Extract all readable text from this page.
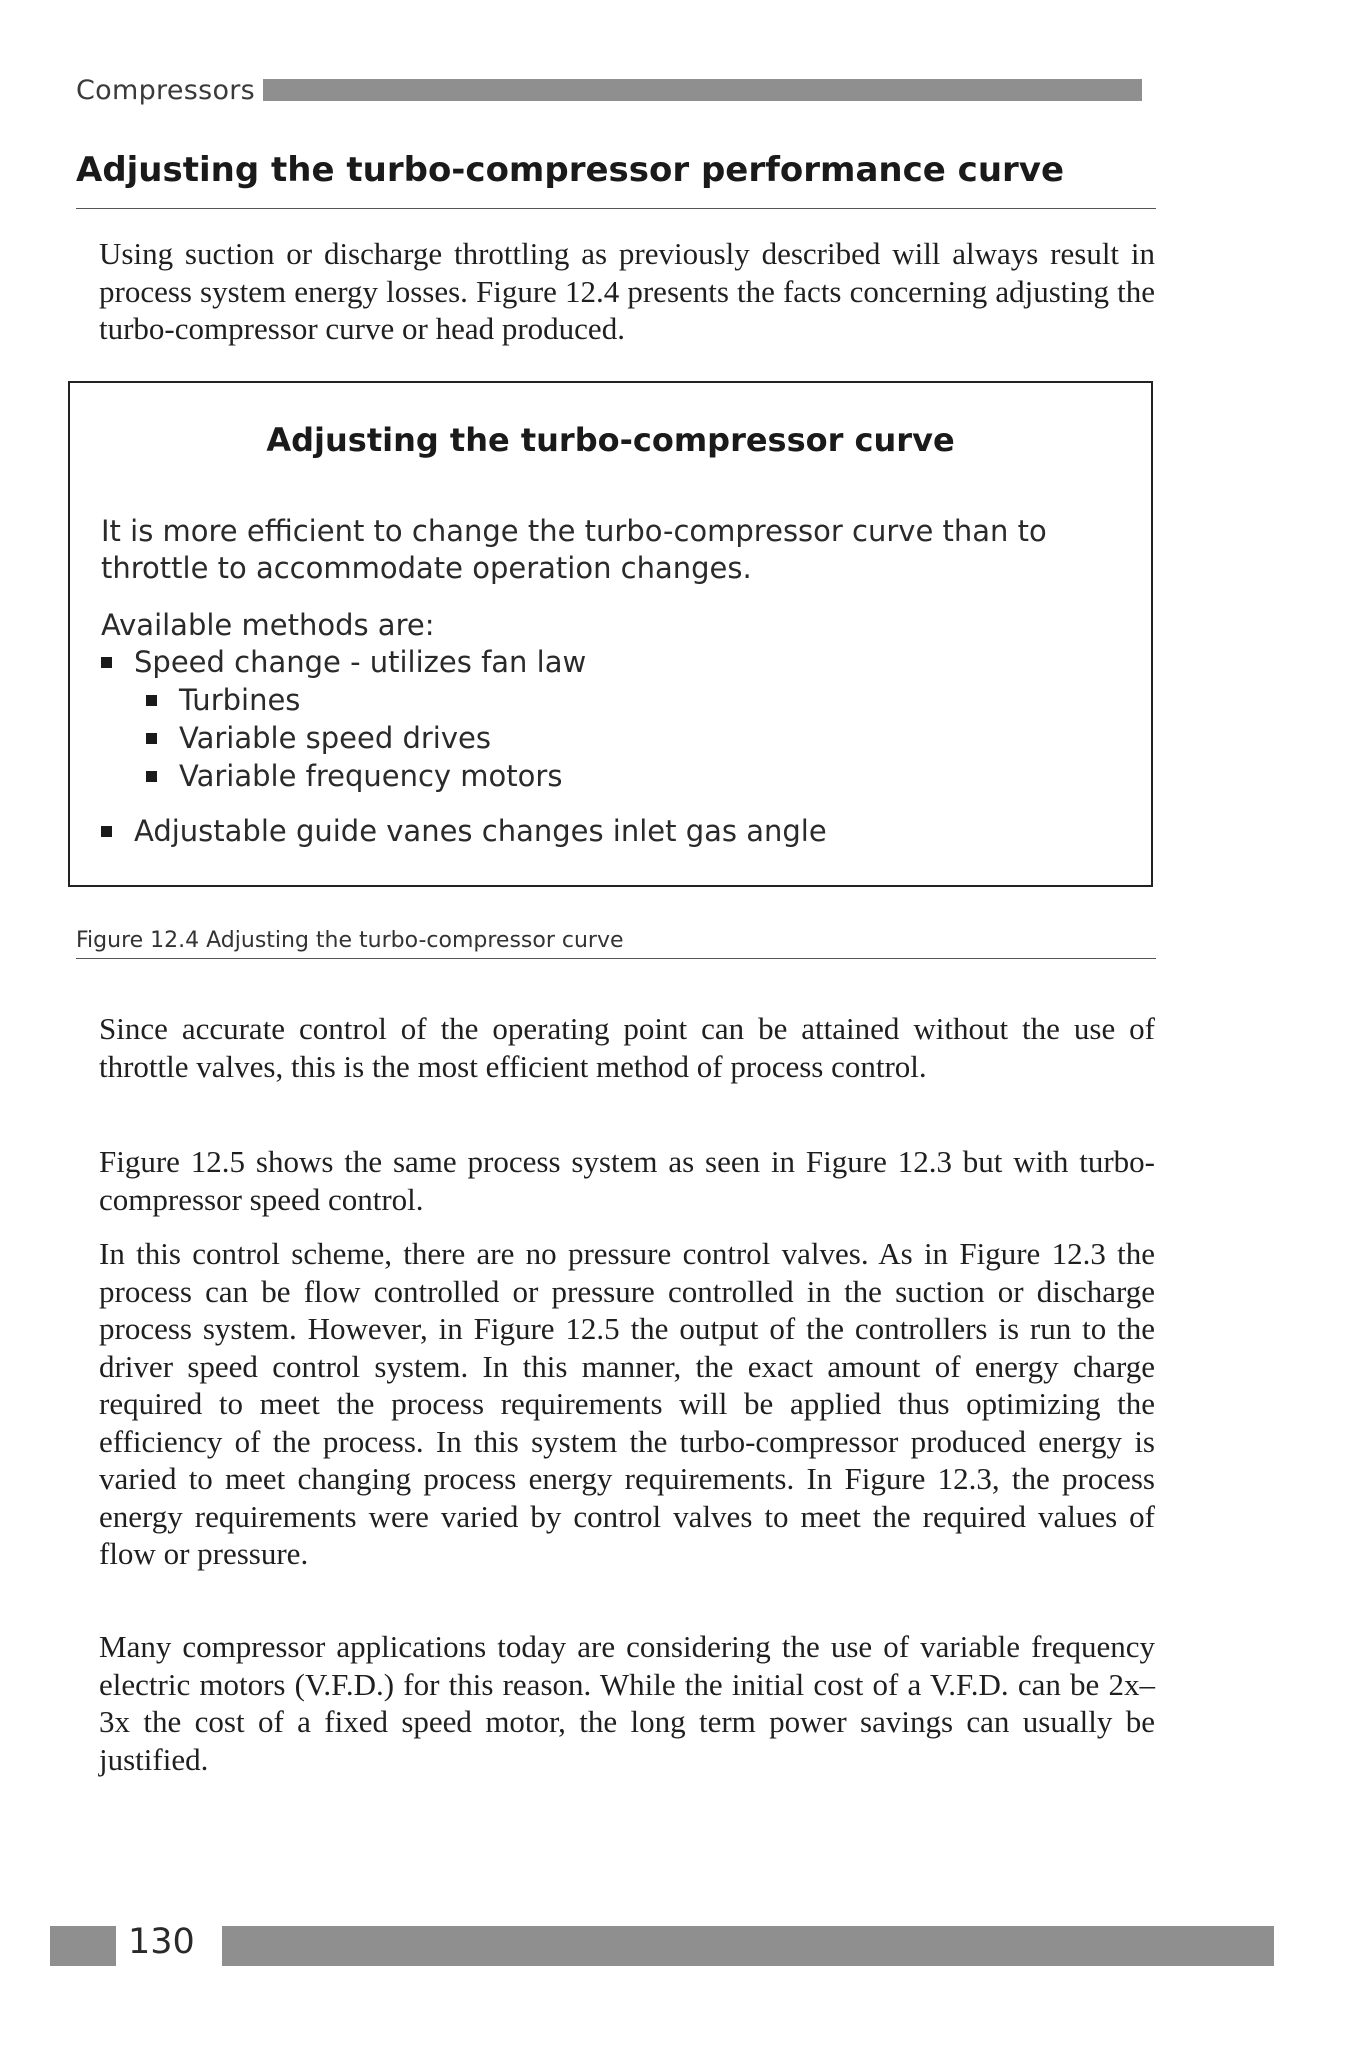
Compressors
Adjusting the turbo-compressor performance curve

Using suction or discharge throttling as previously described will always result in process system energy losses. Figure 12.4 presents the facts concerning adjusting the turbo-compressor curve or head produced.

Adjusting the turbo-compressor curve

It is more efficient to change the turbo-compressor curve than to throttle to accommodate operation changes.

Available methods are:

Speed change - utilizes fan law
Turbines
Variable speed drives
Variable frequency motors
Adjustable guide vanes changes inlet gas angle
Figure 12.4 Adjusting the turbo-compressor curve

Since accurate control of the operating point can be attained without the use of throttle valves, this is the most efficient method of process control.

Figure 12.5 shows the same process system as seen in Figure 12.3 but with turbo-compressor speed control.

In this control scheme, there are no pressure control valves. As in Figure 12.3 the process can be flow controlled or pressure controlled in the suction or discharge process system. However, in Figure 12.5 the output of the controllers is run to the driver speed control system. In this manner, the exact amount of energy charge required to meet the process requirements will be applied thus optimizing the efficiency of the process. In this system the turbo-compressor produced energy is varied to meet changing process energy requirements. In Figure 12.3, the process energy requirements were varied by control valves to meet the required values of flow or pressure.

Many compressor applications today are considering the use of variable frequency electric motors (V.F.D.) for this reason. While the initial cost of a V.F.D. can be 2x–3x the cost of a fixed speed motor, the long term power savings can usually be justified.

130
